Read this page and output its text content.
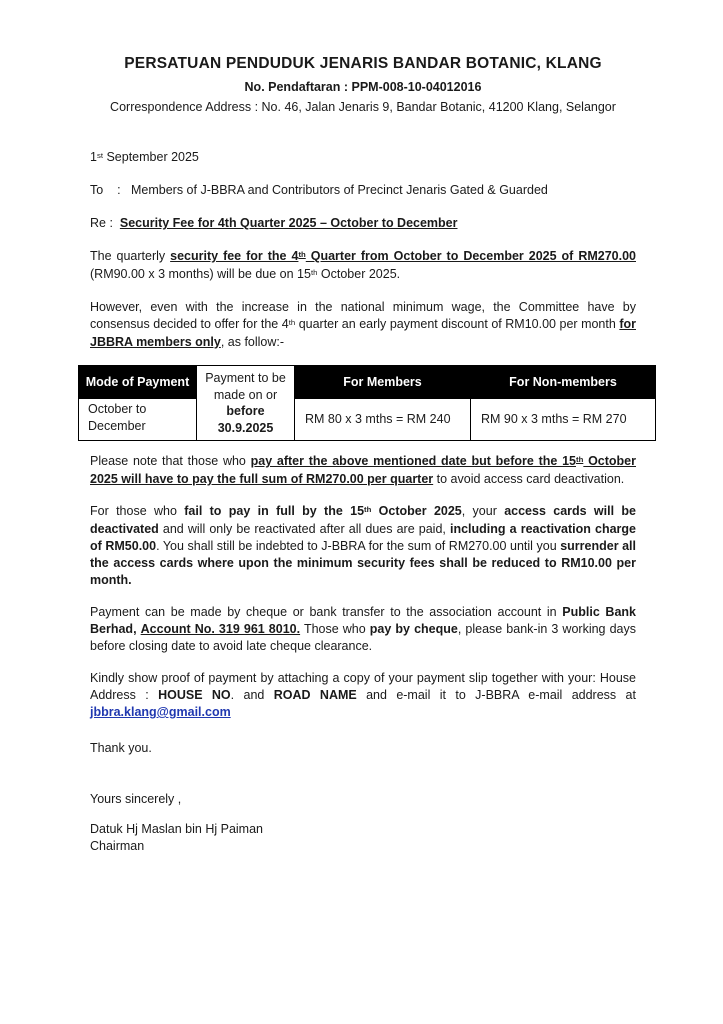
PERSATUAN PENDUDUK JENARIS BANDAR BOTANIC, KLANG
No. Pendaftaran : PPM-008-10-04012016
Correspondence Address : No. 46, Jalan Jenaris 9, Bandar Botanic, 41200 Klang, Selangor

1st September 2025

To    :   Members of J-BBRA and Contributors of Precinct Jenaris Gated & Guarded

Re :  Security Fee for 4th Quarter 2025 – October to December

The quarterly security fee for the 4th Quarter from October to December 2025 of RM270.00 (RM90.00 x 3 months) will be due on 15th October 2025.

However, even with the increase in the national minimum wage, the Committee have by consensus decided to offer for the 4th quarter an early payment discount of RM10.00 per month for JBBRA members only, as follow:-

Mode of Payment	Payment to be made on or
before
30.9.2025	For Members	For Non-members
October to December		RM 80 x 3 mths = RM 240	RM 90 x 3 mths = RM 270

Please note that those who pay after the above mentioned date but before the 15th October 2025 will have to pay the full sum of RM270.00 per quarter to avoid access card deactivation.

For those who fail to pay in full by the 15th October 2025, your access cards will be deactivated and will only be reactivated after all dues are paid, including a reactivation charge of RM50.00. You shall still be indebted to J-BBRA for the sum of RM270.00 until you surrender all the access cards where upon the minimum security fees shall be reduced to RM10.00 per month.

Payment can be made by cheque or bank transfer to the association account in Public Bank Berhad, Account No. 319 961 8010. Those who pay by cheque, please bank-in 3 working days before closing date to avoid late cheque clearance.

Kindly show proof of payment by attaching a copy of your payment slip together with your: House Address : HOUSE NO. and ROAD NAME and e-mail it to J-BBRA e-mail address at jbbra.klang@gmail.com

Thank you.

Yours sincerely ,

Datuk Hj Maslan bin Hj Paiman

Chairman
